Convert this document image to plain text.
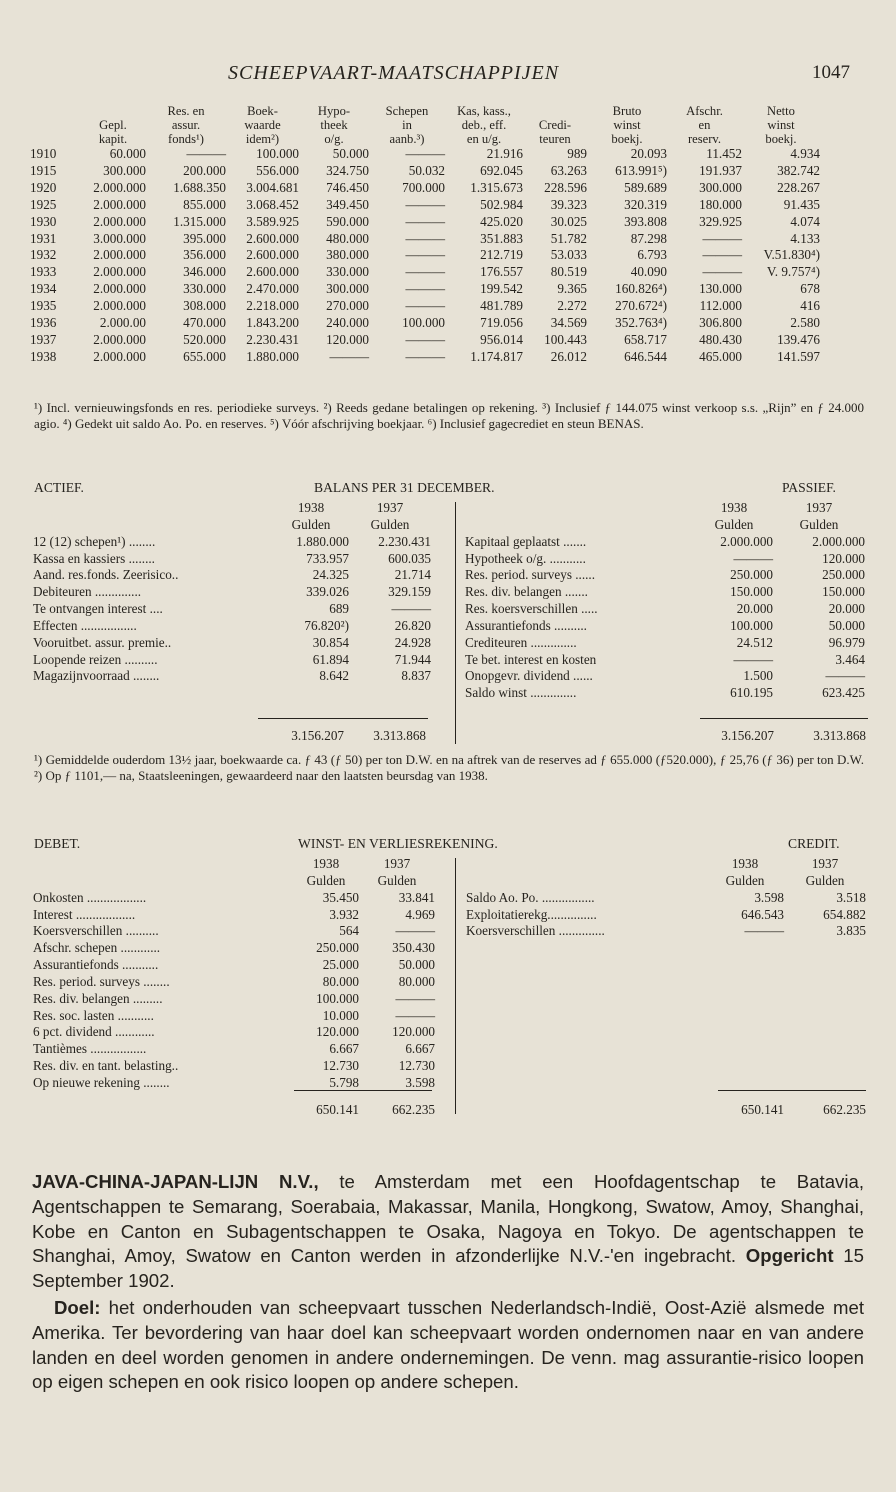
SCHEEPVAART-MAATSCHAPPIJEN	1047
		Res. en	Boek-	Hypo-	Schepen	Kas, kass.,		Bruto	Afschr.	Netto
	Gepl.	assur.	waarde	theek	in	deb., eff.	Credi-	winst	en	winst
	kapit.	fonds¹)	idem²)	o/g.	aanb.³)	en u/g.	teuren	boekj.	reserv.	boekj.
1910	60.000	———	100.000	50.000	———	21.916	989	20.093	11.452	4.934
1915	300.000	200.000	556.000	324.750	50.032	692.045	63.263	613.991⁵)	191.937	382.742
1920	2.000.000	1.688.350	3.004.681	746.450	700.000	1.315.673	228.596	589.689	300.000	228.267
1925	2.000.000	855.000	3.068.452	349.450	———	502.984	39.323	320.319	180.000	91.435
1930	2.000.000	1.315.000	3.589.925	590.000	———	425.020	30.025	393.808	329.925	4.074
1931	3.000.000	395.000	2.600.000	480.000	———	351.883	51.782	87.298	———	4.133
1932	2.000.000	356.000	2.600.000	380.000	———	212.719	53.033	6.793	———	V.51.830⁴)
1933	2.000.000	346.000	2.600.000	330.000	———	176.557	80.519	40.090	———	V. 9.757⁴)
1934	2.000.000	330.000	2.470.000	300.000	———	199.542	9.365	160.826⁴)	130.000	678
1935	2.000.000	308.000	2.218.000	270.000	———	481.789	2.272	270.672⁴)	112.000	416
1936	2.000.00	470.000	1.843.200	240.000	100.000	719.056	34.569	352.763⁴)	306.800	2.580
1937	2.000.000	520.000	2.230.431	120.000	———	956.014	100.443	658.717	480.430	139.476
1938	2.000.000	655.000	1.880.000	———	———	1.174.817	26.012	646.544	465.000	141.597
¹) Incl. vernieuwingsfonds en res. periodieke surveys. ²) Reeds gedane betalingen op rekening. ³) Inclusief ƒ 144.075 winst verkoop s.s. „Rijn” en ƒ 24.000 agio. ⁴) Gedekt uit saldo Ao. Po. en reserves. ⁵) Vóór afschrijving boekjaar. ⁶) Inclusief gagecrediet en steun BENAS.
ACTIEF.	BALANS PER 31 DECEMBER.	PASSIEF.
	1938	1937
	Gulden	Gulden
12 (12) schepen¹) ........	1.880.000	2.230.431
Kassa en kassiers ........	733.957	600.035
Aand. res.fonds. Zeerisico..	24.325	21.714
Debiteuren ..............	339.026	329.159
Te ontvangen interest ....	689	———
Effecten .................	76.820²)	26.820
Vooruitbet. assur. premie..	30.854	24.928
Loopende reizen ..........	61.894	71.944
Magazijnvoorraad ........	8.642	8.837
	1938	1937
	Gulden	Gulden
Kapitaal geplaatst .......	2.000.000	2.000.000
Hypotheek o/g. ...........	———	120.000
Res. period. surveys ......	250.000	250.000
Res. div. belangen .......	150.000	150.000
Res. koersverschillen .....	20.000	20.000
Assurantiefonds ..........	100.000	50.000
Crediteuren ..............	24.512	96.979
Te bet. interest en kosten	———	3.464
Onopgevr. dividend ......	1.500	———
Saldo winst ..............	610.195	623.425
3.156.207 3.313.868	3.156.207	3.313.868
¹) Gemiddelde ouderdom 13½ jaar, boekwaarde ca. ƒ 43 (ƒ 50) per ton D.W. en na aftrek van de reserves ad ƒ 655.000 (ƒ520.000), ƒ 25,76 (ƒ 36) per ton D.W. ²) Op ƒ 1101,— na, Staatsleeningen, gewaardeerd naar den laatsten beursdag van 1938.
DEBET.	WINST- EN VERLIESREKENING.	CREDIT.
	1938	1937
	Gulden	Gulden
Onkosten ..................	35.450	33.841
Interest ..................	3.932	4.969
Koersverschillen ..........	564	———
Afschr. schepen ............	250.000	350.430
Assurantiefonds ...........	25.000	50.000
Res. period. surveys ........	80.000	80.000
Res. div. belangen .........	100.000	———
Res. soc. lasten ...........	10.000	———
6 pct. dividend ............	120.000	120.000
Tantièmes .................	6.667	6.667
Res. div. en tant. belasting..	12.730	12.730
Op nieuwe rekening ........	5.798	3.598
	1938	1937
	Gulden	Gulden
Saldo Ao. Po. ................	3.598	3.518
Exploitatierekg...............	646.543	654.882
Koersverschillen ..............	———	3.835
650.141	662.235	650.141	662.235

JAVA-CHINA-JAPAN-LIJN N.V., te Amsterdam met een Hoofdagentschap te Batavia, Agentschappen te Semarang, Soerabaia, Makassar, Manila, Hongkong, Swatow, Amoy, Shanghai, Kobe en Canton en Subagentschappen te Osaka, Nagoya en Tokyo. De agentschappen te Shanghai, Amoy, Swatow en Canton werden in afzonderlijke N.V.-'en ingebracht. Opgericht 15 September 1902.

Doel: het onderhouden van scheepvaart tusschen Nederlandsch-Indië, Oost-Azië alsmede met Amerika. Ter bevordering van haar doel kan scheepvaart worden ondernomen naar en van andere landen en deel worden genomen in andere ondernemingen. De venn. mag assurantie-risico loopen op eigen schepen en ook risico loopen op andere schepen.
